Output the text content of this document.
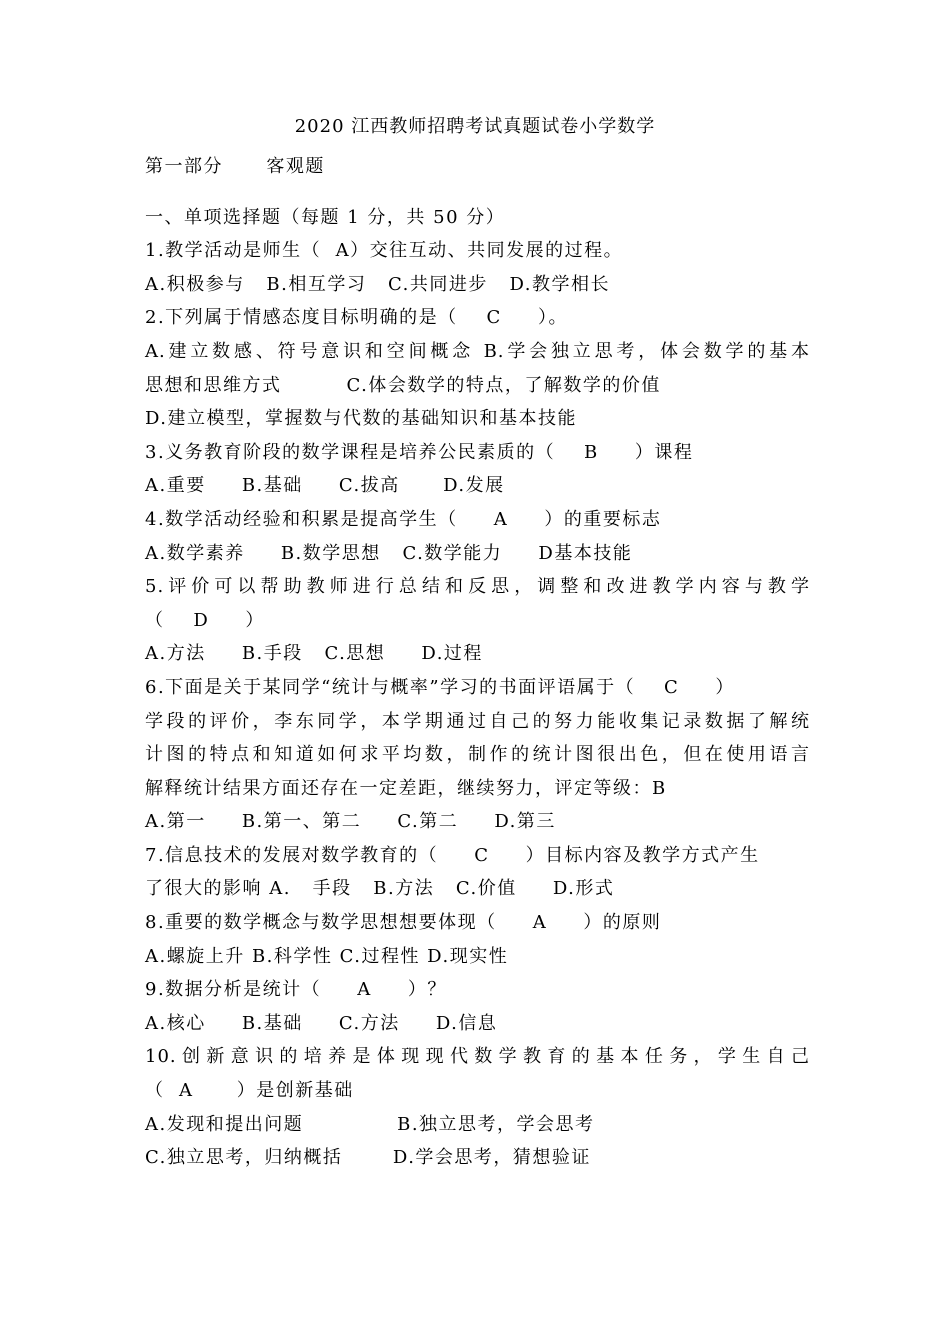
2020 江西教师招聘考试真题试卷小学数学
第一部分      客观题
一、单项选择题（每题 1 分，共 50 分）
1.教学活动是师生（  A）交往互动、共同发展的过程。
A.积极参与   B.相互学习   C.共同进步   D.教学相长
2.下列属于情感态度目标明确的是（    C     ）。
A.建立数感、符号意识和空间概念 B.学会独立思考，体会数学的基本
思想和思维方式         C.体会数学的特点，了解数学的价值
D.建立模型，掌握数与代数的基础知识和基本技能
3.义务教育阶段的数学课程是培养公民素质的（    B     ）课程
A.重要     B.基础     C.拔高      D.发展
4.数学活动经验和积累是提高学生（     A     ）的重要标志
A.数学素养     B.数学思想   C.数学能力     D基本技能
5.评价可以帮助教师进行总结和反思，调整和改进教学内容与教学
（    D     ）
A.方法     B.手段   C.思想     D.过程
6.下面是关于某同学“统计与概率”学习的书面评语属于（    C     ）
学段的评价，李东同学，本学期通过自己的努力能收集记录数据了解统
计图的特点和知道如何求平均数，制作的统计图很出色，但在使用语言
解释统计结果方面还存在一定差距，继续努力，评定等级：B
A.第一     B.第一、第二     C.第二     D.第三
7.信息技术的发展对数学教育的（     C     ）目标内容及教学方式产生
了很大的影响 A.   手段   B.方法   C.价值     D.形式
8.重要的数学概念与数学思想想要体现（     A     ）的原则
A.螺旋上升 B.科学性 C.过程性 D.现实性
9.数据分析是统计（     A     ）？
A.核心     B.基础     C.方法     D.信息
10.创新意识的培养是体现现代数学教育的基本任务，学生自己
（  A      ）是创新基础
A.发现和提出问题             B.独立思考，学会思考
C.独立思考，归纳概括       D.学会思考，猜想验证
